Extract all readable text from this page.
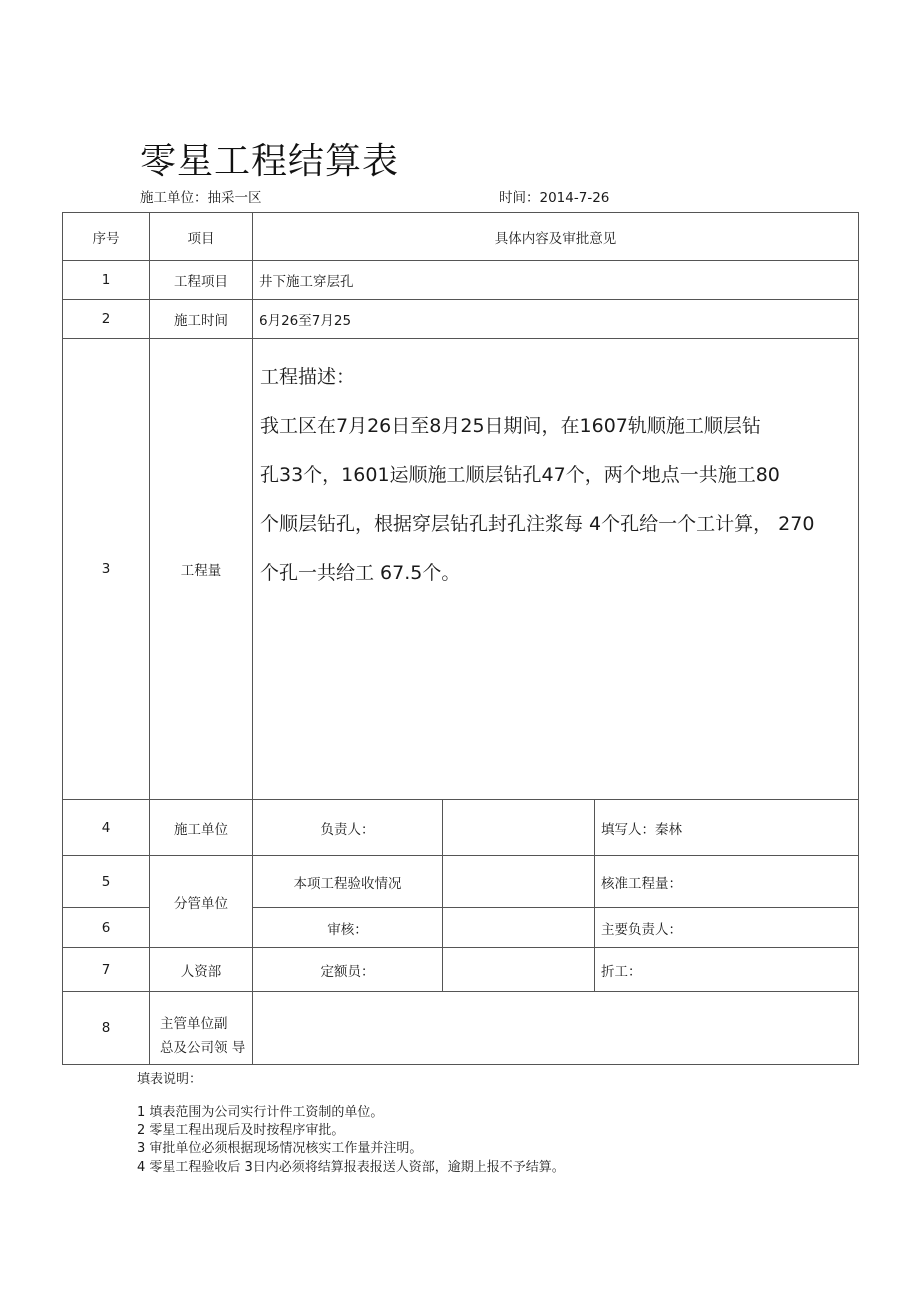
零星工程结算表
施工单位：抽采一区	时间：2014-7-26
序号	项目	具体内容及审批意见		
1	工程项目	井下施工穿层孔		
2	施工时间	6月26至7月25		
3	工程量	工程描述：

我工区在7月26日至8月25日期间，在1607轨顺施工顺层钻

孔33个，1601运顺施工顺层钻孔47个，两个地点一共施工80

个顺层钻孔，根据穿层钻孔封孔注浆每 4个孔给一个工计算， 270

个孔一共给工 67.5个。		

4	施工单位	负责人：		填写人：秦林
5	分管单位	本项工程验收情况		核准工程量：
6		审核：		主要负责人：
7	人资部	定额员：		折工：
8	主管单位副
总及公司领 导			

填表说明：
1 填表范围为公司实行计件工资制的单位。
2 零星工程出现后及时按程序审批。
3 审批单位必须根据现场情况核实工作量并注明。
4 零星工程验收后 3日内必须将结算报表报送人资部，逾期上报不予结算。
